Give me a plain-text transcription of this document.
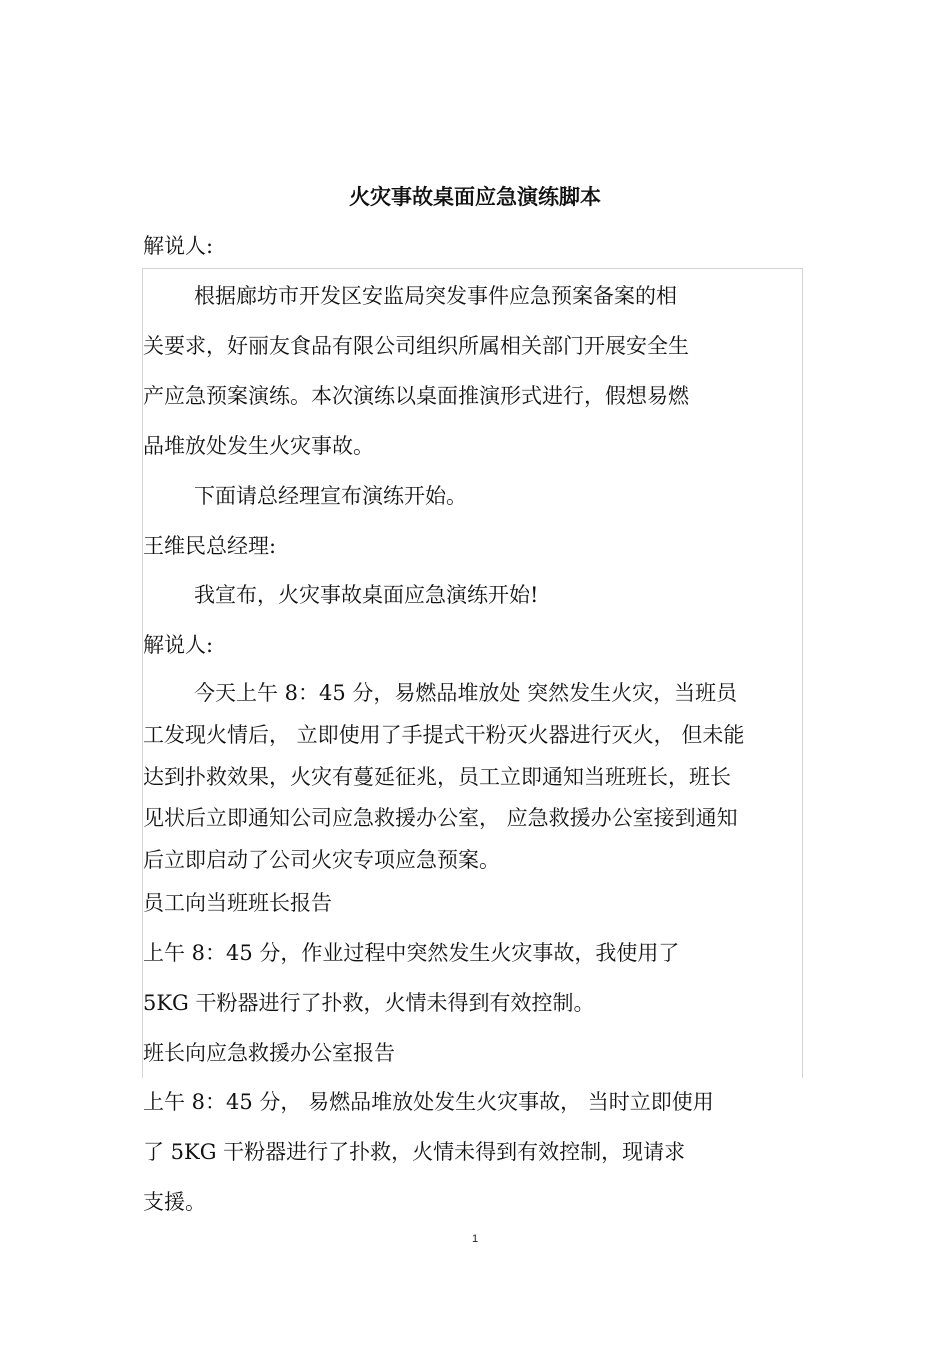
火灾事故桌面应急演练脚本

解说人:

根据廊坊市开发区安监局突发事件应急预案备案的相

关要求，好丽友食品有限公司组织所属相关部门开展安全生

产应急预案演练。本次演练以桌面推演形式进行，假想易燃

品堆放处发生火灾事故。

下面请总经理宣布演练开始。

王维民总经理:

我宣布，火灾事故桌面应急演练开始!

解说人:

今天上午 8：45 分，易燃品堆放处 突然发生火灾，当班员

工发现火情后， 立即使用了手提式干粉灭火器进行灭火， 但未能

达到扑救效果，火灾有蔓延征兆，员工立即通知当班班长，班长

见状后立即通知公司应急救援办公室， 应急救援办公室接到通知

后立即启动了公司火灾专项应急预案。

员工向当班班长报告

上午 8：45 分，作业过程中突然发生火灾事故，我使用了

5KG 干粉器进行了扑救，火情未得到有效控制。

班长向应急救援办公室报告

上午 8：45 分， 易燃品堆放处发生火灾事故， 当时立即使用

了 5KG 干粉器进行了扑救，火情未得到有效控制，现请求

支援。

1
